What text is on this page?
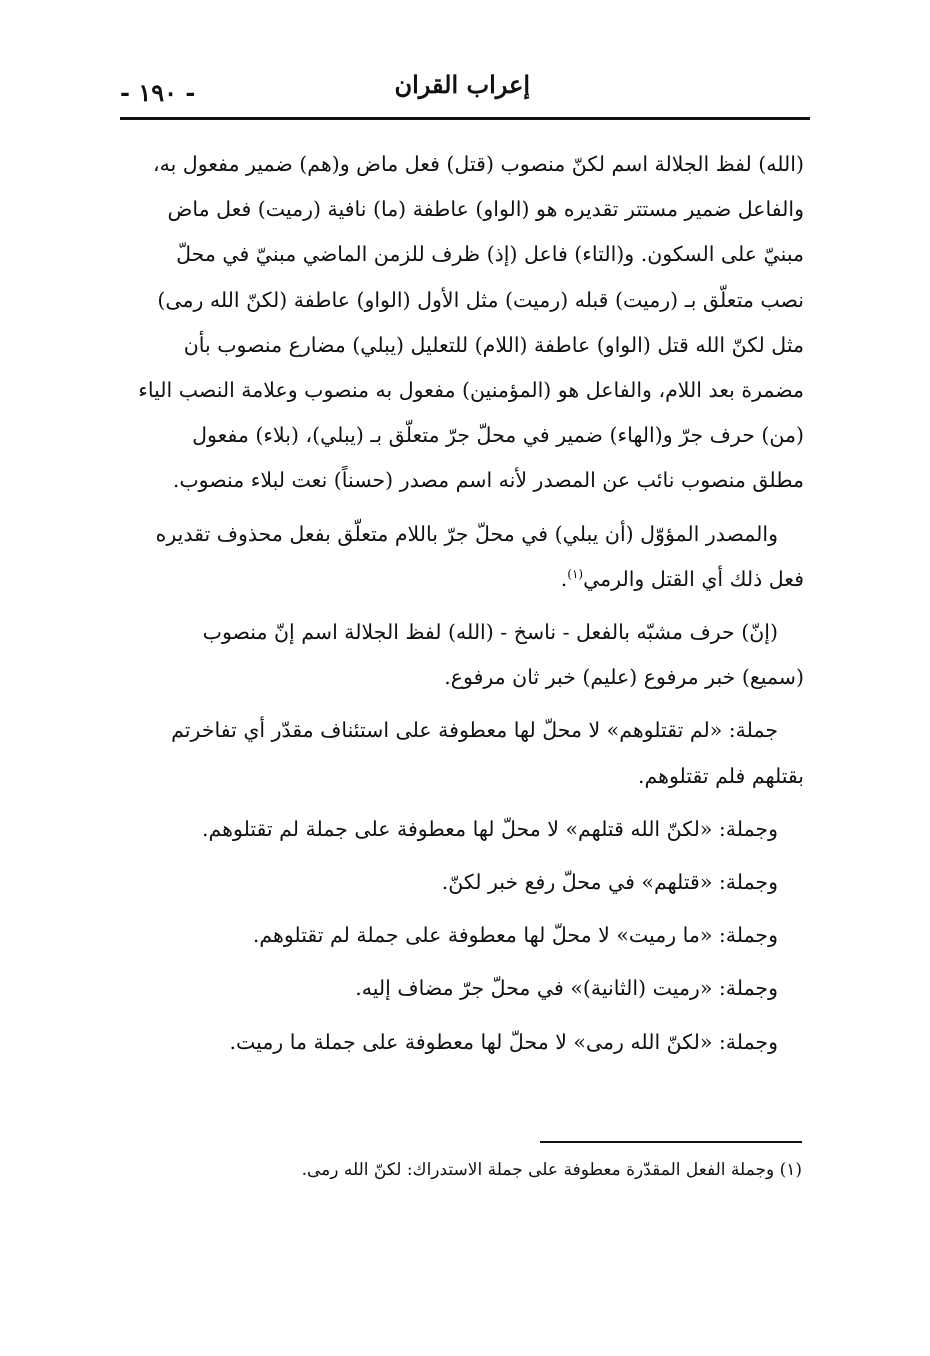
إعراب القران
- ١٩٠ -

(الله) لفظ الجلالة اسم لكنّ منصوب (قتل) فعل ماض و(هم) ضمير مفعول به، والفاعل ضمير مستتر تقديره هو (الواو) عاطفة (ما) نافية (رميت) فعل ماض مبنيّ على السكون. و(التاء) فاعل (إذ) ظرف للزمن الماضي مبنيّ في محلّ نصب متعلّق بـ (رميت) قبله (رميت) مثل الأول (الواو) عاطفة (لكنّ الله رمى) مثل لكنّ الله قتل (الواو) عاطفة (اللام) للتعليل (يبلي) مضارع منصوب بأن مضمرة بعد اللام، والفاعل هو (المؤمنين) مفعول به منصوب وعلامة النصب الياء (من) حرف جرّ و(الهاء) ضمير في محلّ جرّ متعلّق بـ (يبلي)، (بلاء) مفعول مطلق منصوب نائب عن المصدر لأنه اسم مصدر (حسناً) نعت لبلاء منصوب.

والمصدر المؤوّل (أن يبلي) في محلّ جرّ باللام متعلّق بفعل محذوف تقديره فعل ذلك أي القتل والرمي$^{(١)}$.

(إنّ) حرف مشبّه بالفعل - ناسخ - (الله) لفظ الجلالة اسم إنّ منصوب (سميع) خبر مرفوع (عليم) خبر ثان مرفوع.

جملة: «لم تقتلوهم» لا محلّ لها معطوفة على استئناف مقدّر أي تفاخرتم بقتلهم فلم تقتلوهم.

وجملة: «لكنّ الله قتلهم» لا محلّ لها معطوفة على جملة لم تقتلوهم.

وجملة: «قتلهم» في محلّ رفع خبر لكنّ.

وجملة: «ما رميت» لا محلّ لها معطوفة على جملة لم تقتلوهم.

وجملة: «رميت (الثانية)» في محلّ جرّ مضاف إليه.

وجملة: «لكنّ الله رمى» لا محلّ لها معطوفة على جملة ما رميت.

(١) وجملة الفعل المقدّرة معطوفة على جملة الاستدراك: لكنّ الله رمى.
